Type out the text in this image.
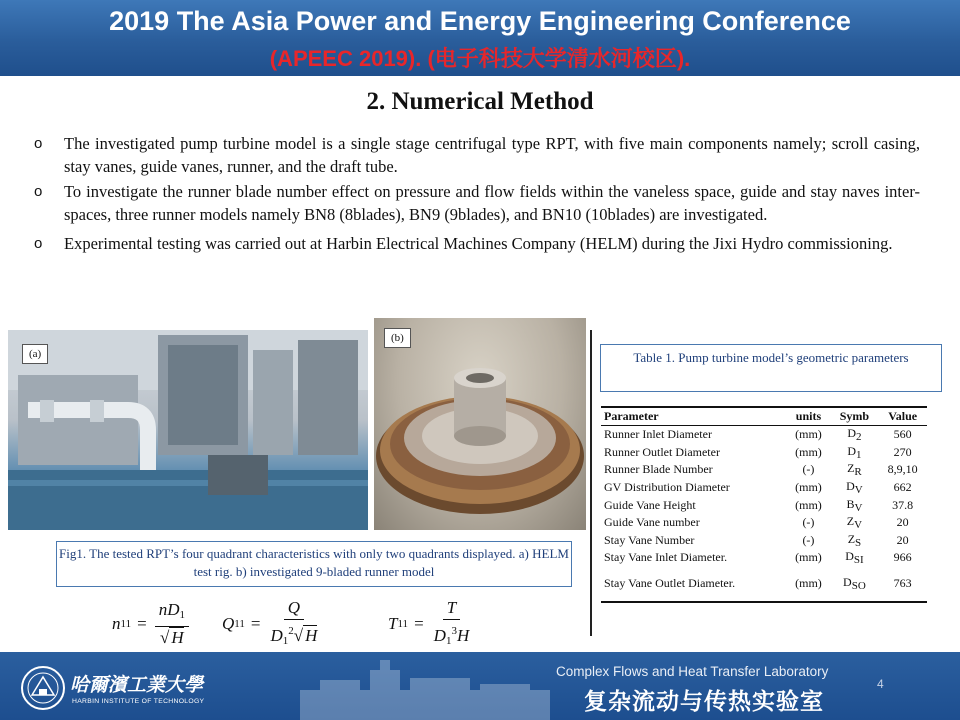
2019 The Asia Power and Energy Engineering Conference
(APEEC 2019). (电子科技大学清水河校区).
2. Numerical Method
o The investigated pump turbine model is a single stage centrifugal type RPT, with five main components namely; scroll casing, stay vanes, guide vanes, runner, and the draft tube.
o To investigate the runner blade number effect on pressure and flow fields within the vaneless space, guide and stay naves inter-spaces, three runner models namely BN8 (8blades), BN9 (9blades), and BN10 (10blades) are investigated.
o Experimental testing was carried out at Harbin Electrical Machines Company (HELM) during the Jixi Hydro commissioning.
(a)
(b)
Fig1. The tested RPT’s four quadrant characteristics with only two quadrants displayed. a) HELM test rig. b) investigated 9-bladed runner model
n $11 = \frac{nD_1}{√ H}$ Q $11 = \frac{Q}{D_1^2√ H}$	T $11 = \frac{T}{D_1^3H}$
Table 1. Pump turbine model’s geometric parameters
Parameter	units	Symb	Value
Runner Inlet Diameter	(mm)	D2	560
Runner Outlet Diameter	(mm)	D1	270
Runner Blade Number	(-)	ZR	8,9,10
GV Distribution Diameter	(mm)	DV	662
Guide Vane Height	(mm)	BV	37.8
Guide Vane number	(-)	ZV	20
Stay Vane Number	(-)	ZS	20
Stay Vane Inlet Diameter.	(mm)	DSI	966
Stay Vane Outlet Diameter.	(mm)	DSO	763
哈爾濱工業大學
HARBIN INSTITUTE OF TECHNOLOGY
Complex Flows and Heat Transfer Laboratory
复杂流动与传热实验室
4
